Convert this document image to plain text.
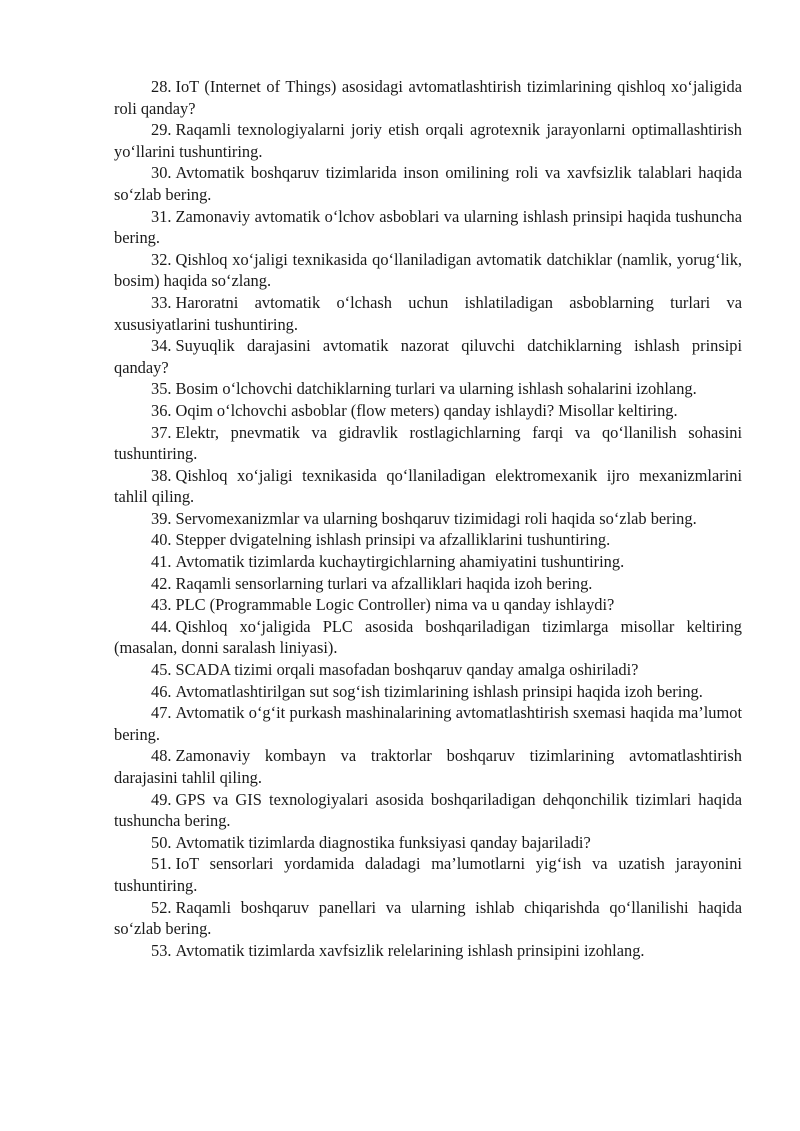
28. IoT (Internet of Things) asosidagi avtomatlashtirish tizimlarining qishloq xo‘jaligida roli qanday?

29. Raqamli texnologiyalarni joriy etish orqali agrotexnik jarayonlarni optimallashtirish yo‘llarini tushuntiring.

30. Avtomatik boshqaruv tizimlarida inson omilining roli va xavfsizlik talablari haqida so‘zlab bering.

31. Zamonaviy avtomatik o‘lchov asboblari va ularning ishlash prinsipi haqida tushuncha bering.

32. Qishloq xo‘jaligi texnikasida qo‘llaniladigan avtomatik datchiklar (namlik, yorug‘lik, bosim) haqida so‘zlang.

33. Haroratni avtomatik o‘lchash uchun ishlatiladigan asboblarning turlari va xususiyatlarini tushuntiring.

34. Suyuqlik darajasini avtomatik nazorat qiluvchi datchiklarning ishlash prinsipi qanday?

35. Bosim o‘lchovchi datchiklarning turlari va ularning ishlash sohalarini izohlang.

36. Oqim o‘lchovchi asboblar (flow meters) qanday ishlaydi? Misollar keltiring.

37. Elektr, pnevmatik va gidravlik rostlagichlarning farqi va qo‘llanilish sohasini tushuntiring.

38. Qishloq xo‘jaligi texnikasida qo‘llaniladigan elektromexanik ijro mexanizmlarini tahlil qiling.

39. Servomexanizmlar va ularning boshqaruv tizimidagi roli haqida so‘zlab bering.

40. Stepper dvigatelning ishlash prinsipi va afzalliklarini tushuntiring.

41. Avtomatik tizimlarda kuchaytirgichlarning ahamiyatini tushuntiring.

42. Raqamli sensorlarning turlari va afzalliklari haqida izoh bering.

43. PLC (Programmable Logic Controller) nima va u qanday ishlaydi?

44. Qishloq xo‘jaligida PLC asosida boshqariladigan tizimlarga misollar keltiring (masalan, donni saralash liniyasi).

45. SCADA tizimi orqali masofadan boshqaruv qanday amalga oshiriladi?

46. Avtomatlashtirilgan sut sog‘ish tizimlarining ishlash prinsipi haqida izoh bering.

47. Avtomatik o‘g‘it purkash mashinalarining avtomatlashtirish sxemasi haqida ma’lumot bering.

48. Zamonaviy kombayn va traktorlar boshqaruv tizimlarining avtomatlashtirish darajasini tahlil qiling.

49. GPS va GIS texnologiyalari asosida boshqariladigan dehqonchilik tizimlari haqida tushuncha bering.

50. Avtomatik tizimlarda diagnostika funksiyasi qanday bajariladi?

51. IoT sensorlari yordamida daladagi ma’lumotlarni yig‘ish va uzatish jarayonini tushuntiring.

52. Raqamli boshqaruv panellari va ularning ishlab chiqarishda qo‘llanilishi haqida so‘zlab bering.

53. Avtomatik tizimlarda xavfsizlik relelarining ishlash prinsipini izohlang.
